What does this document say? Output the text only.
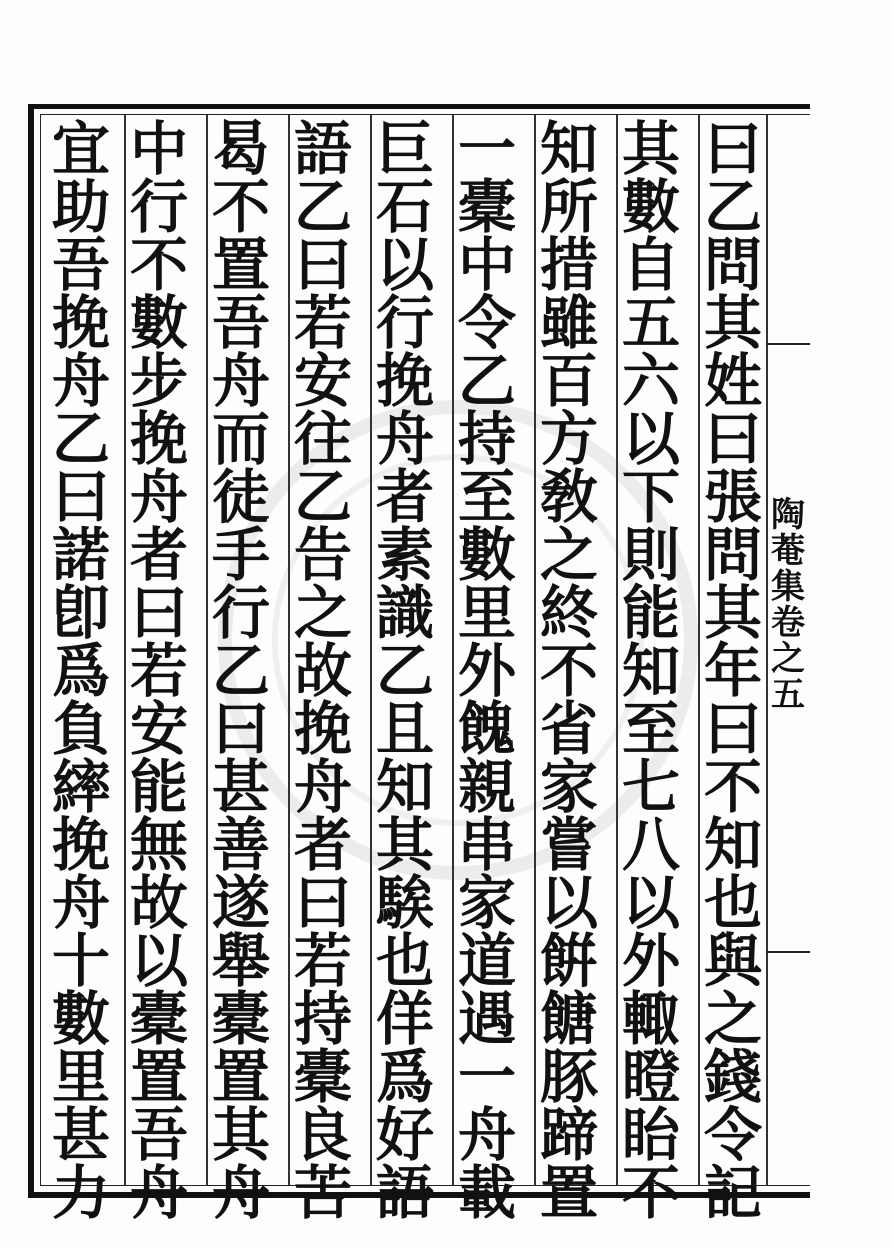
陶
菴
集
卷
之
五
曰
乙
問
其
姓
曰
張
問
其
年
曰
不
知
也
與
之
錢
令
記
其
數
自
五
六
以
下
則
能
知
至
七
八
以
外
輙
瞪
眙
不
知
所
措
雖
百
方
敎
之
終
不
省
家
嘗
以
餠
餹
豚
蹄
置
一
橐
中
令
乙
持
至
數
里
外
餽
親
串
家
道
遇
一
舟
載
巨
石
以
行
挽
舟
者
素
識
乙
且
知
其
騃
也
佯
爲
好
語
語
乙
曰
若
安
往
乙
告
之
故
挽
舟
者
曰
若
持
橐
良
苦
曷
不
置
吾
舟
而
徒
手
行
乙
曰
甚
善
遂
舉
橐
置
其
舟
中
行
不
數
步
挽
舟
者
曰
若
安
能
無
故
以
橐
置
吾
舟
宜
助
吾
挽
舟
乙
曰
諾
卽
爲
負
繂
挽
舟
十
數
里
甚
力
